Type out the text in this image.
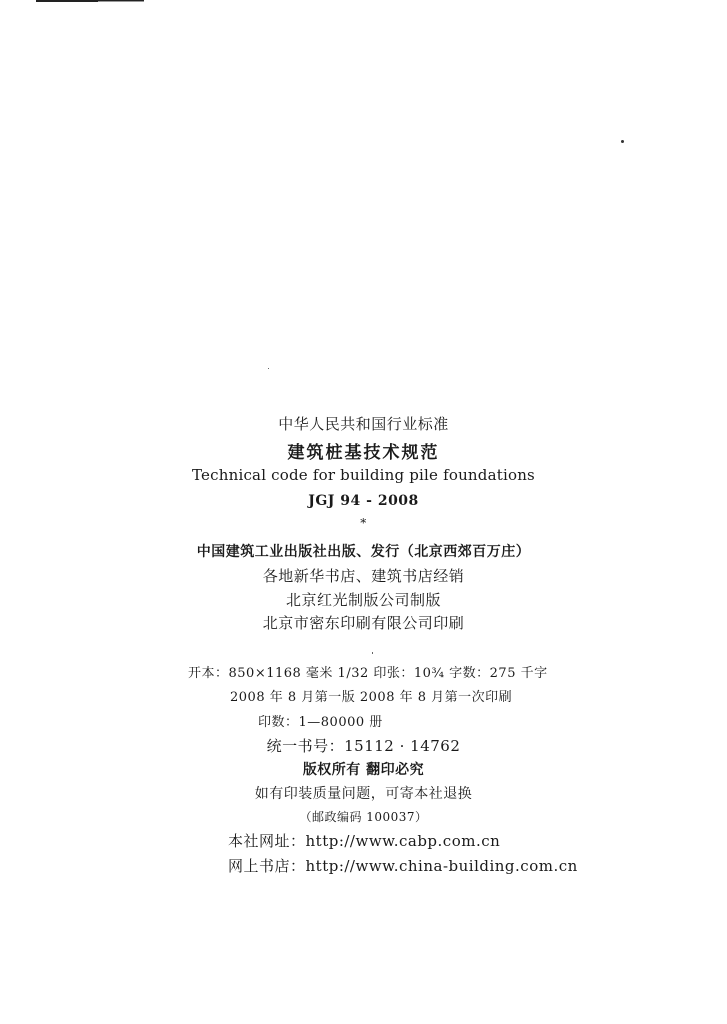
中华人民共和国行业标准
建筑桩基技术规范
Technical code for building pile foundations
JGJ 94 - 2008
*
中国建筑工业出版社出版、发行（北京西郊百万庄）
各地新华书店、建筑书店经销
北京红光制版公司制版
北京市密东印刷有限公司印刷
开本：850×1168 毫米 1/32 印张：10¾ 字数：275 千字
2008 年 8 月第一版 2008 年 8 月第一次印刷
印数：1—80000 册
统一书号：15112 · 14762
版权所有 翻印必究
如有印装质量问题，可寄本社退换
（邮政编码 100037）
本社网址：http://www.cabp.com.cn
网上书店：http://www.china-building.com.cn
